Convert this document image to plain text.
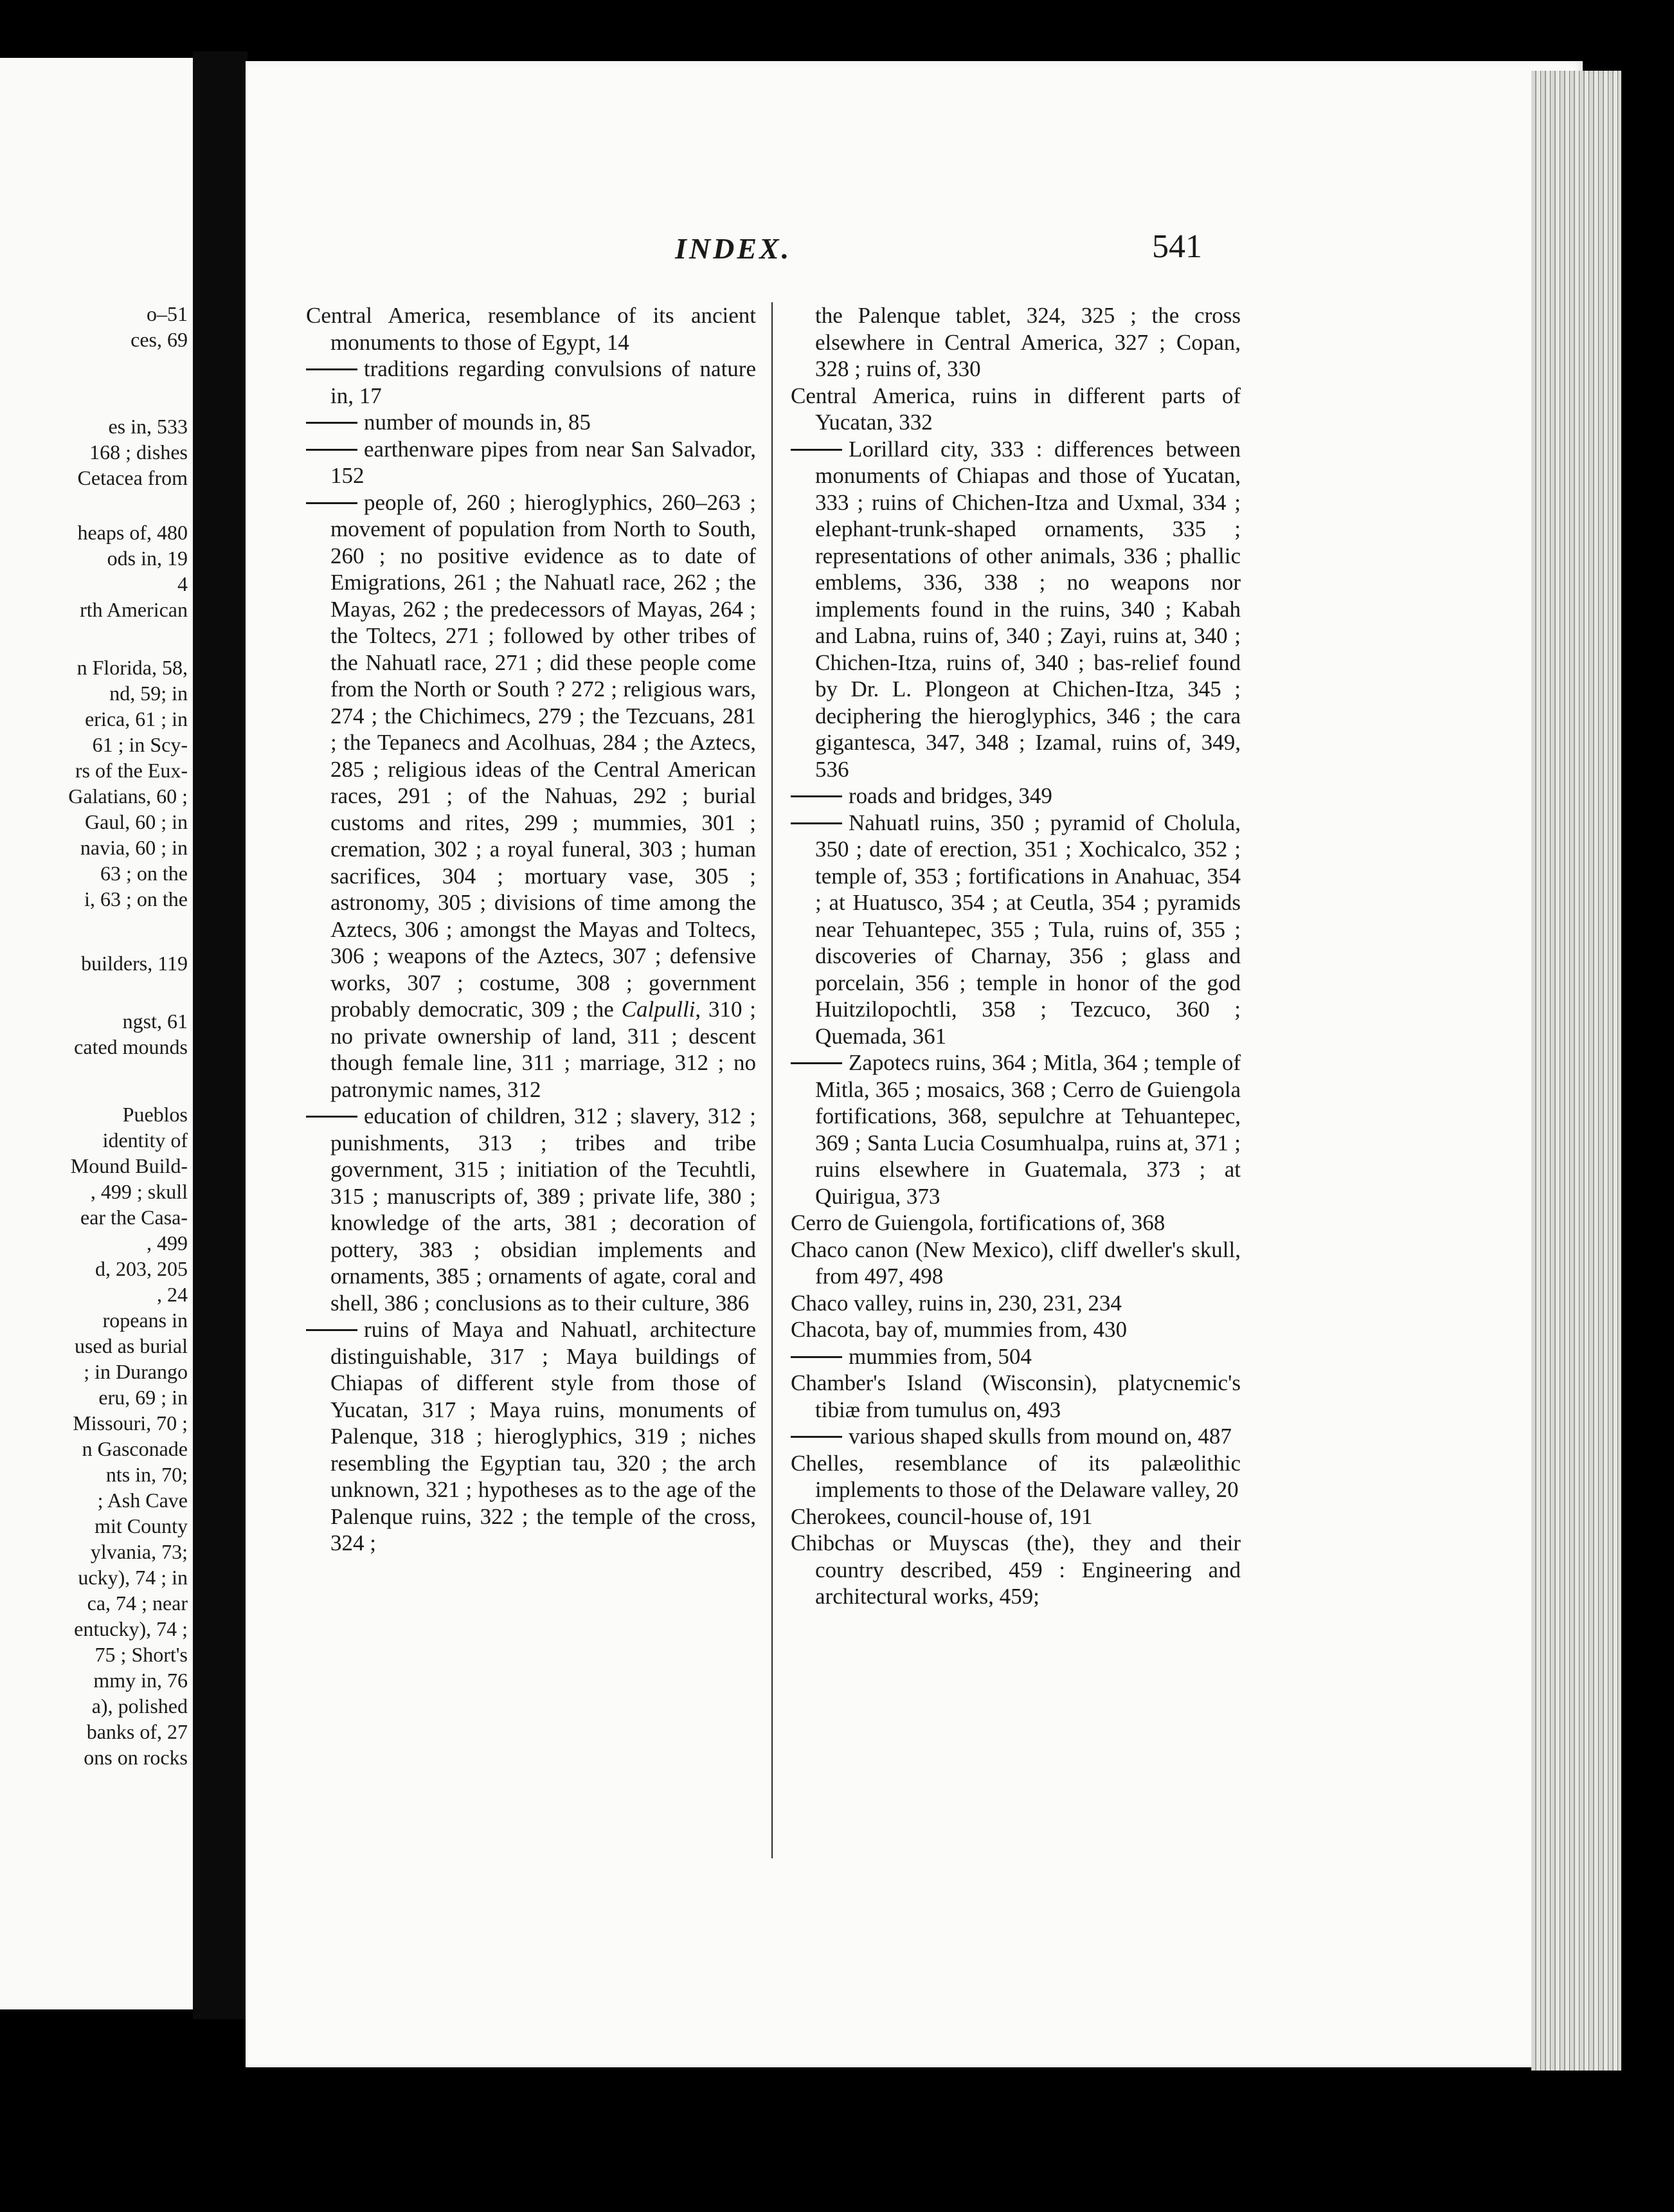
o–51
ces, 69
es in, 533
168 ; dishes
Cetacea from
heaps of, 480
ods in, 19
4
rth American
n Florida, 58,
nd, 59; in
erica, 61 ; in
61 ; in Scy-
rs of the Eux-
Galatians, 60 ;
Gaul, 60 ; in
navia, 60 ; in
63 ; on the
i, 63 ; on the
builders, 119
ngst, 61
cated mounds
Pueblos
identity of
Mound Build-
, 499 ; skull
ear the Casa-
, 499
d, 203, 205
, 24
ropeans in
used as burial
; in Durango
eru, 69 ; in
Missouri, 70 ;
n Gasconade
nts in, 70;
; Ash Cave
mit County
ylvania, 73;
ucky), 74 ; in
ca, 74 ; near
entucky), 74 ;
75 ; Short's
mmy in, 76
a), polished
banks of, 27
ons on rocks
INDEX.	541

Central America, resemblance of its ancient monuments to those of Egypt, 14

traditions regarding convulsions of nature in, 17

number of mounds in, 85

earthenware pipes from near San Salvador, 152

people of, 260 ; hieroglyphics, 260–263 ; movement of population from North to South, 260 ; no positive evidence as to date of Emigrations, 261 ; the Nahuatl race, 262 ; the Mayas, 262 ; the predecessors of Mayas, 264 ; the Toltecs, 271 ; followed by other tribes of the Nahuatl race, 271 ; did these people come from the North or South ? 272 ; religious wars, 274 ; the Chichimecs, 279 ; the Tezcuans, 281 ; the Tepanecs and Acolhuas, 284 ; the Aztecs, 285 ; religious ideas of the Central American races, 291 ; of the Nahuas, 292 ; burial customs and rites, 299 ; mummies, 301 ; cremation, 302 ; a royal funeral, 303 ; human sacrifices, 304 ; mortuary vase, 305 ; astronomy, 305 ; divisions of time among the Aztecs, 306 ; amongst the Mayas and Toltecs, 306 ; weapons of the Aztecs, 307 ; defensive works, 307 ; costume, 308 ; government probably democratic, 309 ; the Calpulli, 310 ; no private ownership of land, 311 ; descent though female line, 311 ; marriage, 312 ; no patronymic names, 312

education of children, 312 ; slavery, 312 ; punishments, 313 ; tribes and tribe government, 315 ; initiation of the Tecuhtli, 315 ; manuscripts of, 389 ; private life, 380 ; knowledge of the arts, 381 ; decoration of pottery, 383 ; obsidian implements and ornaments, 385 ; ornaments of agate, coral and shell, 386 ; conclusions as to their culture, 386

ruins of Maya and Nahuatl, architecture distinguishable, 317 ; Maya buildings of Chiapas of different style from those of Yucatan, 317 ; Maya ruins, monuments of Palenque, 318 ; hieroglyphics, 319 ; niches resembling the Egyptian tau, 320 ; the arch unknown, 321 ; hypotheses as to the age of the Palenque ruins, 322 ; the temple of the cross, 324 ;

the Palenque tablet, 324, 325 ; the cross elsewhere in Central America, 327 ; Copan, 328 ; ruins of, 330

Central America, ruins in different parts of Yucatan, 332

Lorillard city, 333 : differences between monuments of Chiapas and those of Yucatan, 333 ; ruins of Chichen-Itza and Uxmal, 334 ; elephant-trunk-shaped ornaments, 335 ; representations of other animals, 336 ; phallic emblems, 336, 338 ; no weapons nor implements found in the ruins, 340 ; Kabah and Labna, ruins of, 340 ; Zayi, ruins at, 340 ; Chichen-Itza, ruins of, 340 ; bas-relief found by Dr. L. Plongeon at Chichen-Itza, 345 ; deciphering the hieroglyphics, 346 ; the cara gigantesca, 347, 348 ; Izamal, ruins of, 349, 536

roads and bridges, 349

Nahuatl ruins, 350 ; pyramid of Cholula, 350 ; date of erection, 351 ; Xochicalco, 352 ; temple of, 353 ; fortifications in Anahuac, 354 ; at Huatusco, 354 ; at Ceutla, 354 ; pyramids near Tehuantepec, 355 ; Tula, ruins of, 355 ; discoveries of Charnay, 356 ; glass and porcelain, 356 ; temple in honor of the god Huitzilopochtli, 358 ; Tezcuco, 360 ; Quemada, 361

Zapotecs ruins, 364 ; Mitla, 364 ; temple of Mitla, 365 ; mosaics, 368 ; Cerro de Guiengola fortifications, 368, sepulchre at Tehuantepec, 369 ; Santa Lucia Cosumhualpa, ruins at, 371 ; ruins elsewhere in Guatemala, 373 ; at Quirigua, 373

Cerro de Guiengola, fortifications of, 368

Chaco canon (New Mexico), cliff dweller's skull, from 497, 498

Chaco valley, ruins in, 230, 231, 234

Chacota, bay of, mummies from, 430

mummies from, 504

Chamber's Island (Wisconsin), platycnemic's tibiæ from tumulus on, 493

various shaped skulls from mound on, 487

Chelles, resemblance of its palæolithic implements to those of the Delaware valley, 20

Cherokees, council-house of, 191

Chibchas or Muyscas (the), they and their country described, 459 : Engineering and architectural works, 459;
